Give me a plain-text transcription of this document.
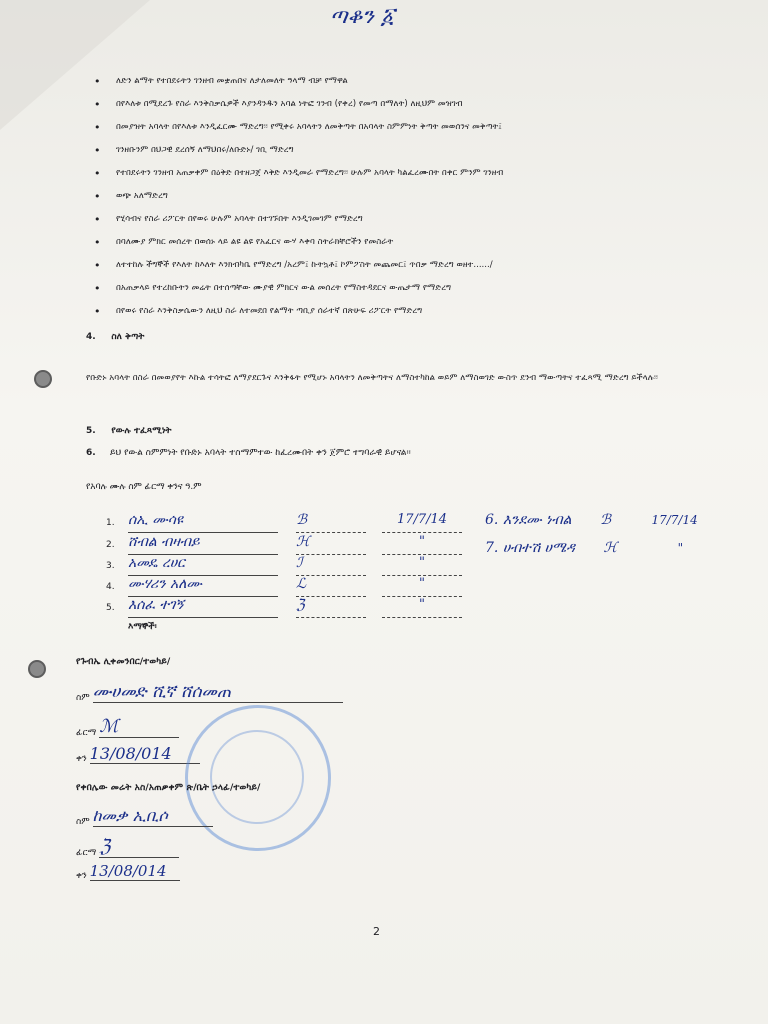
ጣቆን ፩
• ለድን ልማት የተበደሩትን ገንዘብ መቋጠበና ለታለመለት ዓላማ ብቻ የማዋል
• በየእለቱ በሚደረጉ የስራ እንቅስቃሴዎች እያንዳንዱን አባል ነትፎ ገንብ (የቀረ) የመጣ በማለት) ለዚህም መዝገብ
• በመያዝት አባላት በየእለቱ እንዲፈርሙ ማድረግ፡፡ የሚቀሩ አባላትን ለመቅጣት በአባላት ስምምነት ቅጣት መወሰንና መቅጣት፤
• ገንዘቡንም በህጋዊ ደረሰኝ ለማህበሩ/ለቡድኑ/ ገቢ ማድረግ
• የተበደሩትን ገንዘብ አጠቃቀም በዕቅድ በተዘጋጀ እቅድ እንዲመራ የማድረግ፡፡ ሁሉም አባላት ካልፈረሙበት በቀር ምንም ገንዘብ
• ወጭ አለማድረግ
• የሂሳብና የስራ ሪፖርት በየወሩ ሁሉም አባላት በተገኙበት እንዲገመገም የማድረግ
• በባለሙያ ምክር መሰረት በወሰኑ ላይ ልዩ ልዩ የአፈርና ውሃ እቀባ ስትራክቸሮችን የመስራት
• ለተተከሉ ችግኞች የእለት ከእለት እንክብካቤ የማድረግ /አረም፤ ኩትኳቶ፤ ኮምፖስት መጨመር፤ ጥበቃ ማድረግ ወዘተ....../
• በአጠቃላይ የተረከቡትን መሬት በተሰጣቸው ሙያዊ ምክርና ውል መሰረት የማስተዳደርና ውጤታማ የማድረግ
• በየወሩ የስራ እንቅስቃሴውን ለዚህ ስራ ለተመደበ የልማት ጣቢያ ሰራተኛ በጽሁፍ ሪፖርት የማድረግ
4. ስለ ቅጣት
የቡድኑ አባላት በስራ በመወያየት እኩል ተሳትፎ ለማያደርጉና እንቅፋት የሚሆኑ አባላትን ለመቅጣትና ለማስተካከል ወይም ለማስወገድ ውስጥ ደንብ ማውጣትና ተፈጻሚ ማድረግ ይችላሉ፡፡
5. የውሉ ተፈጻሚነት
6. ይህ የውል ስምምነት የቡድኑ አባላት ተስማምተው ከፈረሙበት ቀን ጀምሮ ተግባራዊ ይሆናል፡፡
የአባሉ ሙሉ ስም ፊርማ ቀንና ዓ.ም
1. ሰኢ ሙሳዩ	ℬ	17/7/14
2. ሸብል ብዛብይ	ℋ	"
3. አመዴ ረሀር	ℐ	"
4. ሙሃሪን አለሙ	ℒ	"
5. እሰፈ ተገኝ	ℨ	"
6. እንደሙ ነብል ℬ	17/7/14
7. ሀብተሽ ሀሜዳ ℋ	"
እማኞች፡
የጉብኤ ሊቀመንበር/ተወካይ/
ስም ሙሀመድ ሺኛ ሸሰመጠ
ፊርማ ℳ
ቀን 13/08/014
የቀበሌው መሬት አስ/አጠቃቀም ጽ/ቤት ኃላፊ/ተወካይ/
ስም ከመቃ ኢቢሶ
ፊርማ ℨ
ቀን 13/08/014
2
